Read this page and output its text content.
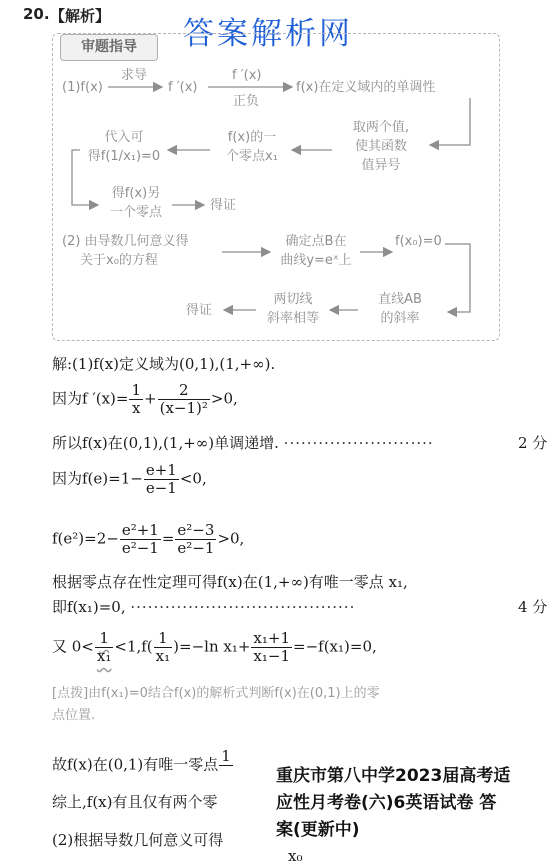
20. 【解析】 答案解析网
审题指导
(1)f(x)
求导
f ′(x)
f ′(x)
正负
f(x)在定义域内的单调性
取两个值,
使其函数
值异号
f(x)的一
个零点x₁
代入可
得f(1/x₁)=0
得f(x)另
一个零点	得证
(2) 由导数几何意义得
关于x₀的方程
确定点B在
曲线y=eˣ上
f(x₀)=0
直线AB
的斜率
两切线
斜率相等
得证
解:(1)f(x)定义域为(0,1),(1,+∞).
因为f $'(x)= \frac{1}{x} + \frac{2}{\text{(x−1)²}} >0$,
所以f(x)在(0,1),(1,+∞)单调递增. ··························	2 分
因为$f(e)=1- \frac{e+1}{e-1} <0$,
$f(e^2)=2- \frac{\text{e²+1}}{\text{e²−1}} = \frac{\text{e²−3}}{\text{e²−1}} >0$,
根据零点存在性定理可得f(x)在(1,+∞)有唯一零点 x₁,
即f(x₁)=0, ·······································	4 分
又 $0< \frac{1}{\text{x₁}} <1,f( \frac{1}{\text{x₁}} )=-\ln$ $x_1+ \frac{\text{x₁+1}}{\text{x₁−1}} =-f(x_1)=0$,
[点拨]由f(x₁)=0结合f(x)的解析式判断f(x)在(0,1)上的零
点位置.
故f(x)在(0,1)有唯一零点 1

综上,f(x)有且仅有两个零
(2)根据导数几何意义可得
x₀
重庆市第八中学2023届高考适
应性月考卷(六)6英语试卷 答
案(更新中)
